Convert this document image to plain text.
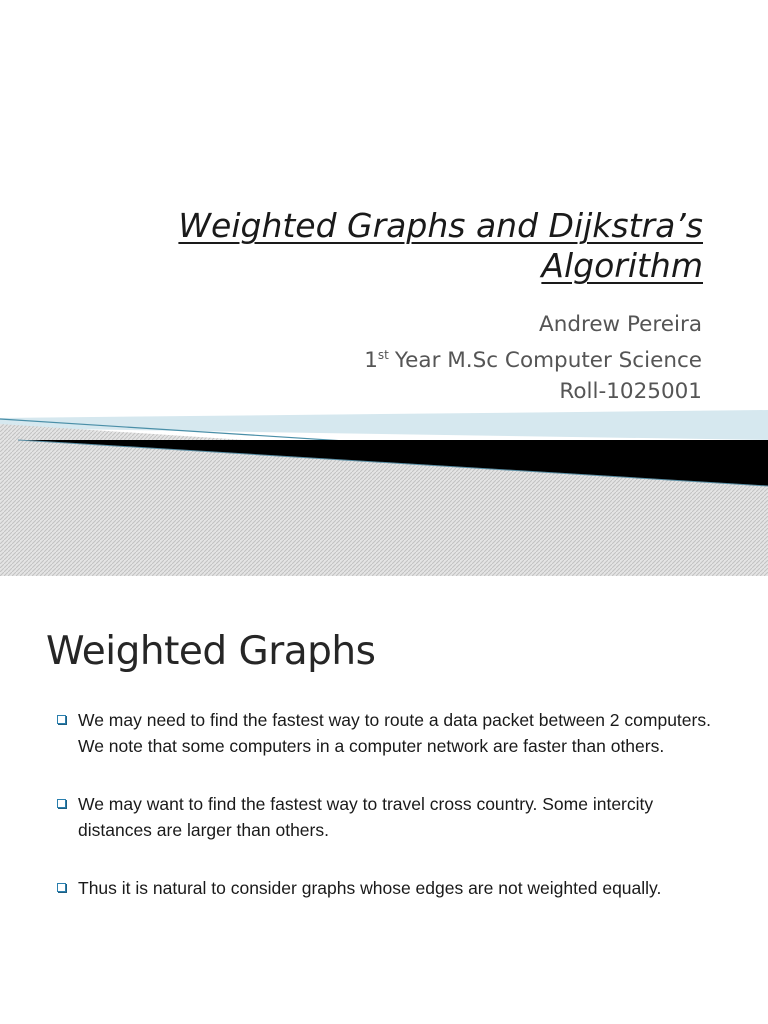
Weighted Graphs and Dijkstra’s Algorithm
Andrew Pereira
1st Year M.Sc Computer Science
Roll-1025001
Weighted Graphs
We may need to find the fastest way to route a data packet between 2 computers. We note that some computers in a computer network are faster than others.
We may want to find the fastest way to travel cross country. Some intercity distances are larger than others.
Thus it is natural to consider graphs whose edges are not weighted equally.
